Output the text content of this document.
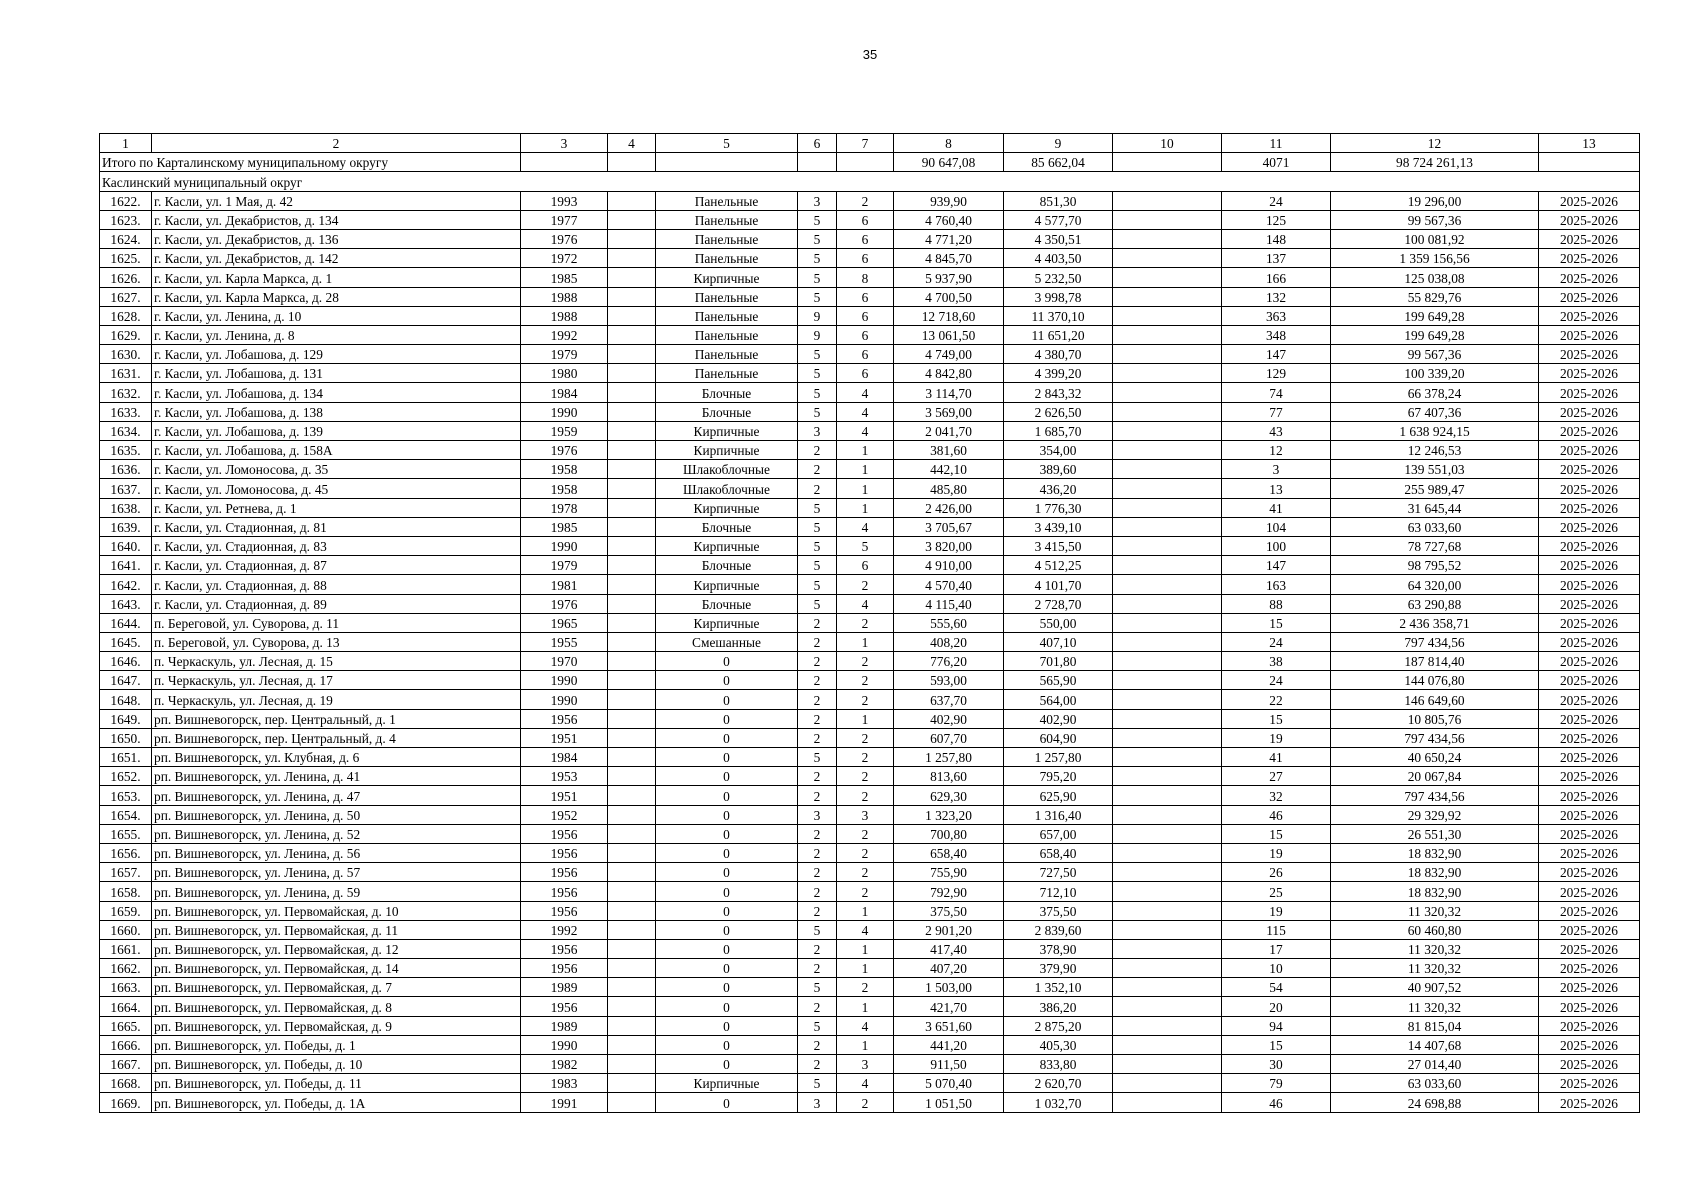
35
1	2	3	4	5	6	7	8	9	10	11	12	13
Итого по Карталинскому муниципальному округу							90 647,08	85 662,04		4071	98 724 261,13	
Каслинский муниципальный округ												
1622.	г. Касли, ул. 1 Мая, д. 42	1993		Панельные	3	2	939,90	851,30		24	19 296,00	2025-2026
1623.	г. Касли, ул. Декабристов, д. 134	1977		Панельные	5	6	4 760,40	4 577,70		125	99 567,36	2025-2026
1624.	г. Касли, ул. Декабристов, д. 136	1976		Панельные	5	6	4 771,20	4 350,51		148	100 081,92	2025-2026
1625.	г. Касли, ул. Декабристов, д. 142	1972		Панельные	5	6	4 845,70	4 403,50		137	1 359 156,56	2025-2026
1626.	г. Касли, ул. Карла Маркса, д. 1	1985		Кирпичные	5	8	5 937,90	5 232,50		166	125 038,08	2025-2026
1627.	г. Касли, ул. Карла Маркса, д. 28	1988		Панельные	5	6	4 700,50	3 998,78		132	55 829,76	2025-2026
1628.	г. Касли, ул. Ленина, д. 10	1988		Панельные	9	6	12 718,60	11 370,10		363	199 649,28	2025-2026
1629.	г. Касли, ул. Ленина, д. 8	1992		Панельные	9	6	13 061,50	11 651,20		348	199 649,28	2025-2026
1630.	г. Касли, ул. Лобашова, д. 129	1979		Панельные	5	6	4 749,00	4 380,70		147	99 567,36	2025-2026
1631.	г. Касли, ул. Лобашова, д. 131	1980		Панельные	5	6	4 842,80	4 399,20		129	100 339,20	2025-2026
1632.	г. Касли, ул. Лобашова, д. 134	1984		Блочные	5	4	3 114,70	2 843,32		74	66 378,24	2025-2026
1633.	г. Касли, ул. Лобашова, д. 138	1990		Блочные	5	4	3 569,00	2 626,50		77	67 407,36	2025-2026
1634.	г. Касли, ул. Лобашова, д. 139	1959		Кирпичные	3	4	2 041,70	1 685,70		43	1 638 924,15	2025-2026
1635.	г. Касли, ул. Лобашова, д. 158А	1976		Кирпичные	2	1	381,60	354,00		12	12 246,53	2025-2026
1636.	г. Касли, ул. Ломоносова, д. 35	1958		Шлакоблочные	2	1	442,10	389,60		3	139 551,03	2025-2026
1637.	г. Касли, ул. Ломоносова, д. 45	1958		Шлакоблочные	2	1	485,80	436,20		13	255 989,47	2025-2026
1638.	г. Касли, ул. Ретнева, д. 1	1978		Кирпичные	5	1	2 426,00	1 776,30		41	31 645,44	2025-2026
1639.	г. Касли, ул. Стадионная, д. 81	1985		Блочные	5	4	3 705,67	3 439,10		104	63 033,60	2025-2026
1640.	г. Касли, ул. Стадионная, д. 83	1990		Кирпичные	5	5	3 820,00	3 415,50		100	78 727,68	2025-2026
1641.	г. Касли, ул. Стадионная, д. 87	1979		Блочные	5	6	4 910,00	4 512,25		147	98 795,52	2025-2026
1642.	г. Касли, ул. Стадионная, д. 88	1981		Кирпичные	5	2	4 570,40	4 101,70		163	64 320,00	2025-2026
1643.	г. Касли, ул. Стадионная, д. 89	1976		Блочные	5	4	4 115,40	2 728,70		88	63 290,88	2025-2026
1644.	п. Береговой, ул. Суворова, д. 11	1965		Кирпичные	2	2	555,60	550,00		15	2 436 358,71	2025-2026
1645.	п. Береговой, ул. Суворова, д. 13	1955		Смешанные	2	1	408,20	407,10		24	797 434,56	2025-2026
1646.	п. Черкаскуль, ул. Лесная, д. 15	1970		0	2	2	776,20	701,80		38	187 814,40	2025-2026
1647.	п. Черкаскуль, ул. Лесная, д. 17	1990		0	2	2	593,00	565,90		24	144 076,80	2025-2026
1648.	п. Черкаскуль, ул. Лесная, д. 19	1990		0	2	2	637,70	564,00		22	146 649,60	2025-2026
1649.	рп. Вишневогорск, пер. Центральный, д. 1	1956		0	2	1	402,90	402,90		15	10 805,76	2025-2026
1650.	рп. Вишневогорск, пер. Центральный, д. 4	1951		0	2	2	607,70	604,90		19	797 434,56	2025-2026
1651.	рп. Вишневогорск, ул. Клубная, д. 6	1984		0	5	2	1 257,80	1 257,80		41	40 650,24	2025-2026
1652.	рп. Вишневогорск, ул. Ленина, д. 41	1953		0	2	2	813,60	795,20		27	20 067,84	2025-2026
1653.	рп. Вишневогорск, ул. Ленина, д. 47	1951		0	2	2	629,30	625,90		32	797 434,56	2025-2026
1654.	рп. Вишневогорск, ул. Ленина, д. 50	1952		0	3	3	1 323,20	1 316,40		46	29 329,92	2025-2026
1655.	рп. Вишневогорск, ул. Ленина, д. 52	1956		0	2	2	700,80	657,00		15	26 551,30	2025-2026
1656.	рп. Вишневогорск, ул. Ленина, д. 56	1956		0	2	2	658,40	658,40		19	18 832,90	2025-2026
1657.	рп. Вишневогорск, ул. Ленина, д. 57	1956		0	2	2	755,90	727,50		26	18 832,90	2025-2026
1658.	рп. Вишневогорск, ул. Ленина, д. 59	1956		0	2	2	792,90	712,10		25	18 832,90	2025-2026
1659.	рп. Вишневогорск, ул. Первомайская, д. 10	1956		0	2	1	375,50	375,50		19	11 320,32	2025-2026
1660.	рп. Вишневогорск, ул. Первомайская, д. 11	1992		0	5	4	2 901,20	2 839,60		115	60 460,80	2025-2026
1661.	рп. Вишневогорск, ул. Первомайская, д. 12	1956		0	2	1	417,40	378,90		17	11 320,32	2025-2026
1662.	рп. Вишневогорск, ул. Первомайская, д. 14	1956		0	2	1	407,20	379,90		10	11 320,32	2025-2026
1663.	рп. Вишневогорск, ул. Первомайская, д. 7	1989		0	5	2	1 503,00	1 352,10		54	40 907,52	2025-2026
1664.	рп. Вишневогорск, ул. Первомайская, д. 8	1956		0	2	1	421,70	386,20		20	11 320,32	2025-2026
1665.	рп. Вишневогорск, ул. Первомайская, д. 9	1989		0	5	4	3 651,60	2 875,20		94	81 815,04	2025-2026
1666.	рп. Вишневогорск, ул. Победы, д. 1	1990		0	2	1	441,20	405,30		15	14 407,68	2025-2026
1667.	рп. Вишневогорск, ул. Победы, д. 10	1982		0	2	3	911,50	833,80		30	27 014,40	2025-2026
1668.	рп. Вишневогорск, ул. Победы, д. 11	1983		Кирпичные	5	4	5 070,40	2 620,70		79	63 033,60	2025-2026
1669.	рп. Вишневогорск, ул. Победы, д. 1А	1991		0	3	2	1 051,50	1 032,70		46	24 698,88	2025-2026
